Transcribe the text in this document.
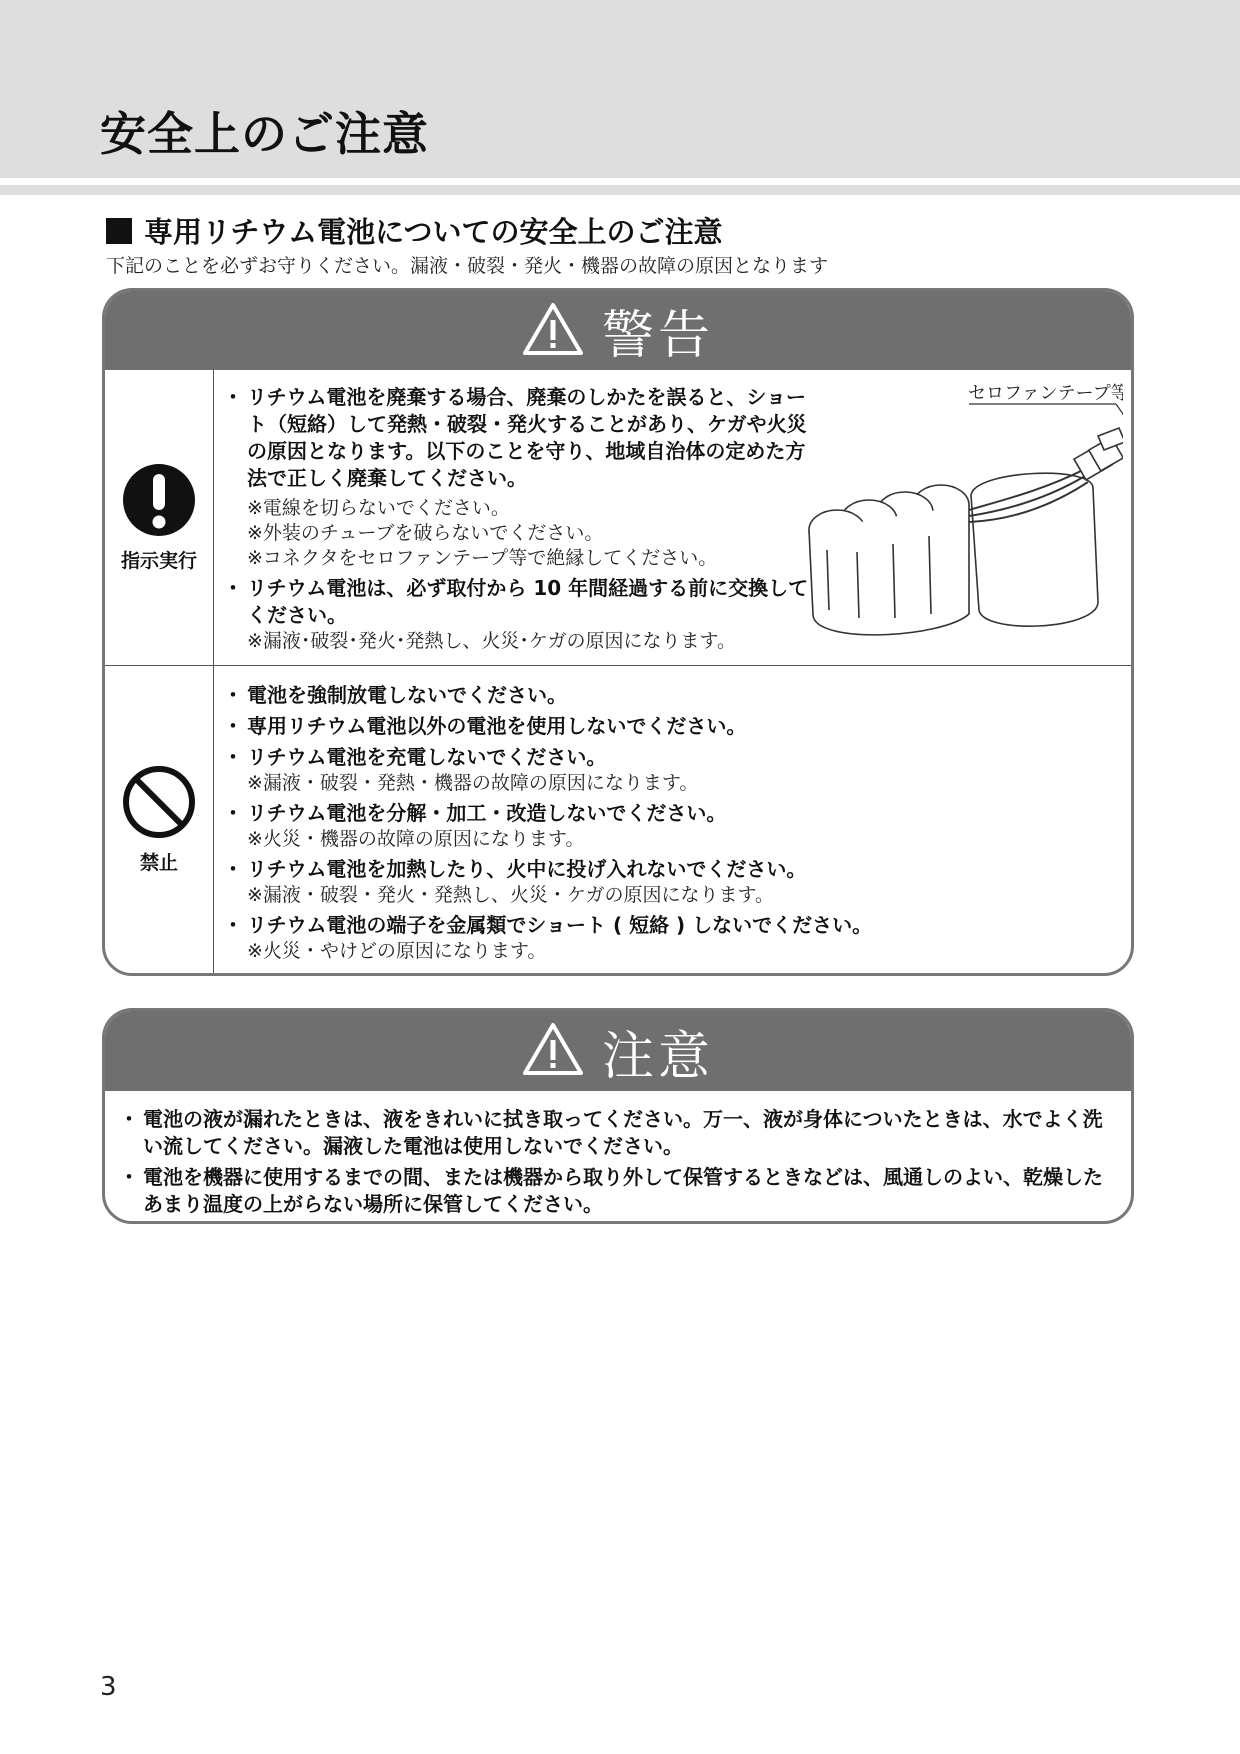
安全上のご注意
専用リチウム電池についての安全上のご注意
下記のことを必ずお守りください。漏液・破裂・発火・機器の故障の原因となります
警告
指示実行
・ リチウム電池を廃棄する場合、廃棄のしかたを誤ると、ショート（短絡）して発熱・破裂・発火することがあり、ケガや火災の原因となります。以下のことを守り、地域自治体の定めた方法で正しく廃棄してください。
※電線を切らないでください。
※外装のチューブを破らないでください。
※コネクタをセロファンテープ等で絶縁してください。
・ リチウム電池は、必ず取付から 10 年間経過する前に交換してください。
※漏液･破裂･発火･発熱し、火災･ケガの原因になります。
セロファンテープ等
禁止
・ 電池を強制放電しないでください。
・ 専用リチウム電池以外の電池を使用しないでください。
・ リチウム電池を充電しないでください。
※漏液・破裂・発熱・機器の故障の原因になります。
・ リチウム電池を分解・加工・改造しないでください。
※火災・機器の故障の原因になります。
・ リチウム電池を加熱したり、火中に投げ入れないでください。
※漏液・破裂・発火・発熱し、火災・ケガの原因になります。
・ リチウム電池の端子を金属類でショート ( 短絡 ) しないでください。
※火災・やけどの原因になります。
注意
・ 電池の液が漏れたときは、液をきれいに拭き取ってください。万一、液が身体についたときは、水でよく洗い流してください。漏液した電池は使用しないでください。
・ 電池を機器に使用するまでの間、または機器から取り外して保管するときなどは、風通しのよい、乾燥したあまり温度の上がらない場所に保管してください。
3
